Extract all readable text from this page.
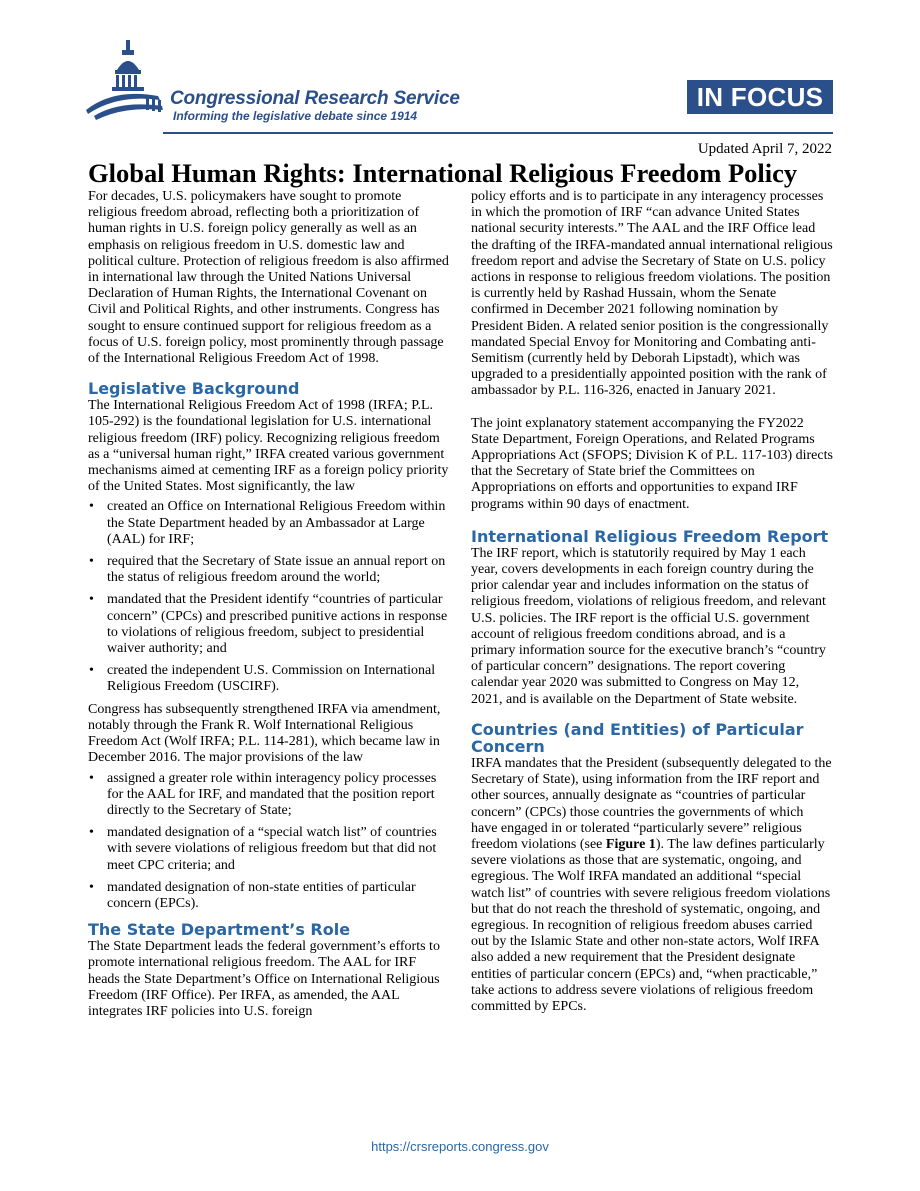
Congressional Research Service
Informing the legislative debate since 1914
IN FOCUS
Updated April 7, 2022
Global Human Rights: International Religious Freedom Policy

For decades, U.S. policymakers have sought to promote religious freedom abroad, reflecting both a prioritization of human rights in U.S. foreign policy generally as well as an emphasis on religious freedom in U.S. domestic law and political culture. Protection of religious freedom is also affirmed in international law through the United Nations Universal Declaration of Human Rights, the International Covenant on Civil and Political Rights, and other instruments. Congress has sought to ensure continued support for religious freedom as a focus of U.S. foreign policy, most prominently through passage of the International Religious Freedom Act of 1998.

Legislative Background

The International Religious Freedom Act of 1998 (IRFA; P.L. 105-292) is the foundational legislation for U.S. international religious freedom (IRF) policy. Recognizing religious freedom as a “universal human right,” IRFA created various government mechanisms aimed at cementing IRF as a foreign policy priority of the United States. Most significantly, the law

• created an Office on International Religious Freedom within the State Department headed by an Ambassador at Large (AAL) for IRF;
• required that the Secretary of State issue an annual report on the status of religious freedom around the world;
• mandated that the President identify “countries of particular concern” (CPCs) and prescribed punitive actions in response to violations of religious freedom, subject to presidential waiver authority; and
• created the independent U.S. Commission on International Religious Freedom (USCIRF).

Congress has subsequently strengthened IRFA via amendment, notably through the Frank R. Wolf International Religious Freedom Act (Wolf IRFA; P.L. 114-281), which became law in December 2016. The major provisions of the law

• assigned a greater role within interagency policy processes for the AAL for IRF, and mandated that the position report directly to the Secretary of State;
• mandated designation of a “special watch list” of countries with severe violations of religious freedom but that did not meet CPC criteria; and
• mandated designation of non-state entities of particular concern (EPCs).
The State Department’s Role

The State Department leads the federal government’s efforts to promote international religious freedom. The AAL for IRF heads the State Department’s Office on International Religious Freedom (IRF Office). Per IRFA, as amended, the AAL integrates IRF policies into U.S. foreign

policy efforts and is to participate in any interagency processes in which the promotion of IRF “can advance United States national security interests.” The AAL and the IRF Office lead the drafting of the IRFA-mandated annual international religious freedom report and advise the Secretary of State on U.S. policy actions in response to religious freedom violations. The position is currently held by Rashad Hussain, whom the Senate confirmed in December 2021 following nomination by President Biden. A related senior position is the congressionally mandated Special Envoy for Monitoring and Combating anti-Semitism (currently held by Deborah Lipstadt), which was upgraded to a presidentially appointed position with the rank of ambassador by P.L. 116-326, enacted in January 2021.

The joint explanatory statement accompanying the FY2022 State Department, Foreign Operations, and Related Programs Appropriations Act (SFOPS; Division K of P.L. 117-103) directs that the Secretary of State brief the Committees on Appropriations on efforts and opportunities to expand IRF programs within 90 days of enactment.

International Religious Freedom Report

The IRF report, which is statutorily required by May 1 each year, covers developments in each foreign country during the prior calendar year and includes information on the status of religious freedom, violations of religious freedom, and relevant U.S. policies. The IRF report is the official U.S. government account of religious freedom conditions abroad, and is a primary information source for the executive branch’s “country of particular concern” designations. The report covering calendar year 2020 was submitted to Congress on May 12, 2021, and is available on the Department of State website.

Countries (and Entities) of Particular Concern

IRFA mandates that the President (subsequently delegated to the Secretary of State), using information from the IRF report and other sources, annually designate as “countries of particular concern” (CPCs) those countries the governments of which have engaged in or tolerated “particularly severe” religious freedom violations (see Figure 1). The law defines particularly severe violations as those that are systematic, ongoing, and egregious. The Wolf IRFA mandated an additional “special watch list” of countries with severe religious freedom violations but that do not reach the threshold of systematic, ongoing, and egregious. In recognition of religious freedom abuses carried out by the Islamic State and other non-state actors, Wolf IRFA also added a new requirement that the President designate entities of particular concern (EPCs) and, “when practicable,” take actions to address severe violations of religious freedom committed by EPCs.

https://crsreports.congress.gov
